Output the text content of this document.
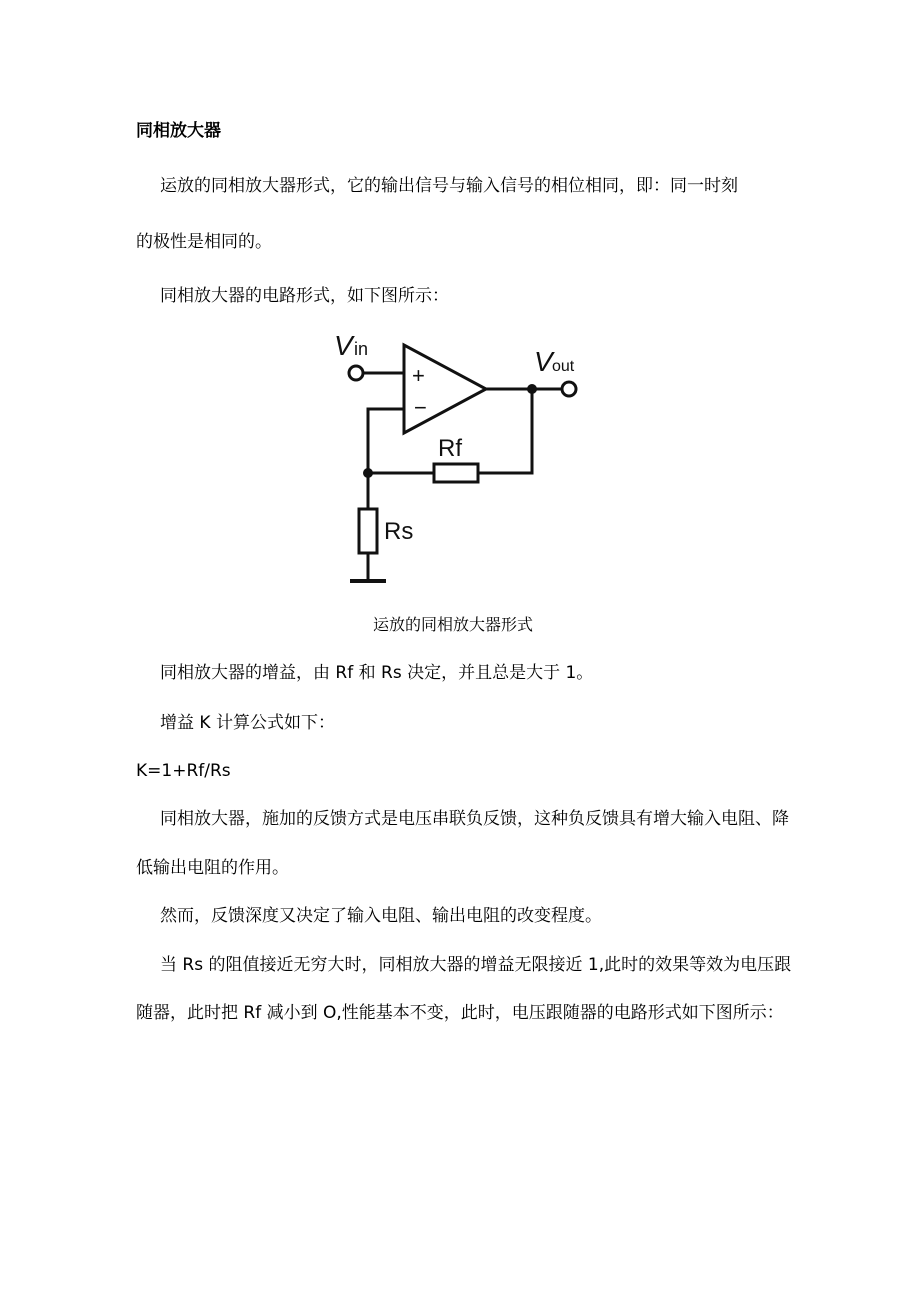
同相放大器
运放的同相放大器形式，它的输出信号与输入信号的相位相同，即：同一时刻
的极性是相同的。
同相放大器的电路形式，如下图所示：
V in	V out
+
−
Rf
Rs
运放的同相放大器形式
同相放大器的增益，由 Rf 和 Rs 决定，并且总是大于 1。
增益 K 计算公式如下：
K=1+Rf/Rs
同相放大器，施加的反馈方式是电压串联负反馈，这种负反馈具有增大输入电阻、降
低输出电阻的作用。
然而，反馈深度又决定了输入电阻、输出电阻的改变程度。
当 Rs 的阻值接近无穷大时，同相放大器的增益无限接近 1,此时的效果等效为电压跟
随器，此时把 Rf 减小到 O,性能基本不变，此时，电压跟随器的电路形式如下图所示：
